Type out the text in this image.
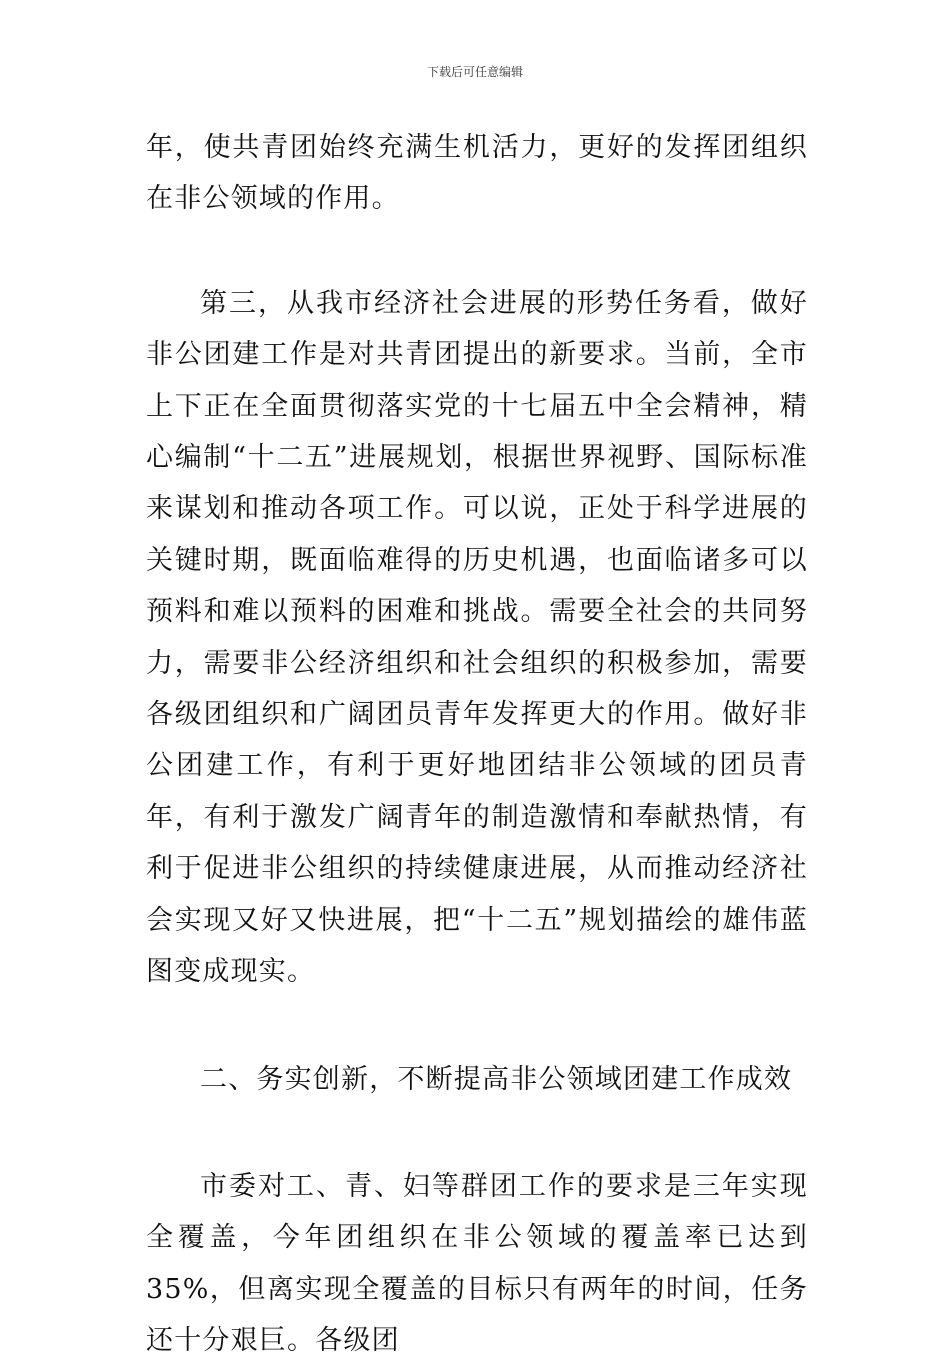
下载后可任意编辑

年，使共青团始终充满生机活力，更好的发挥团组织在非公领域的作用。

第三，从我市经济社会进展的形势任务看，做好非公团建工作是对共青团提出的新要求。当前，全市上下正在全面贯彻落实党的十七届五中全会精神，精心编制“十二五”进展规划，根据世界视野、国际标准来谋划和推动各项工作。可以说，正处于科学进展的关键时期，既面临难得的历史机遇，也面临诸多可以预料和难以预料的困难和挑战。需要全社会的共同努力，需要非公经济组织和社会组织的积极参加，需要各级团组织和广阔团员青年发挥更大的作用。做好非公团建工作，有利于更好地团结非公领域的团员青年，有利于激发广阔青年的制造激情和奉献热情，有利于促进非公组织的持续健康进展，从而推动经济社会实现又好又快进展，把“十二五”规划描绘的雄伟蓝图变成现实。

二、务实创新，不断提高非公领域团建工作成效

市委对工、青、妇等群团工作的要求是三年实现全覆盖，今年团组织在非公领域的覆盖率已达到35%，但离实现全覆盖的目标只有两年的时间，任务还十分艰巨。各级团
